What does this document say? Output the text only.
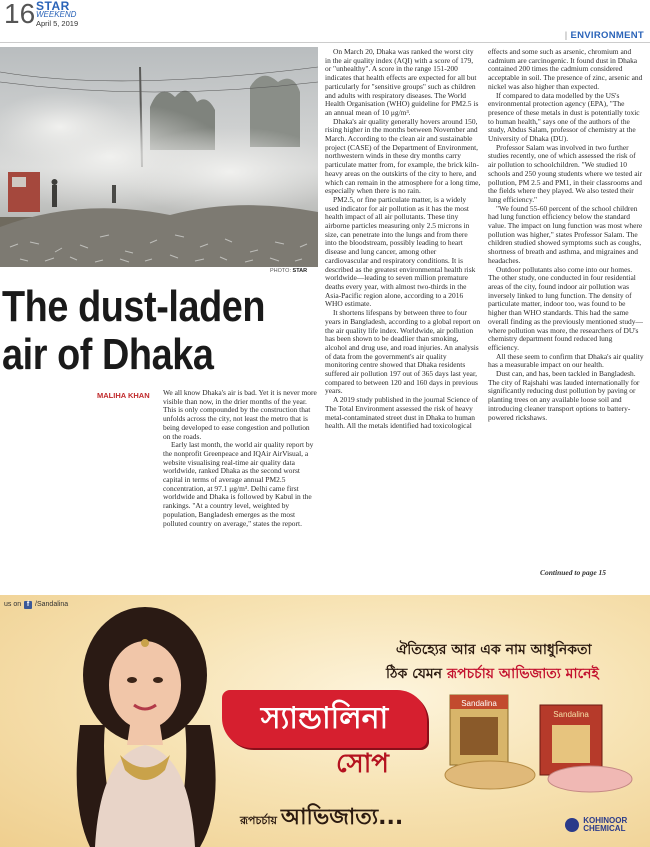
16 STAR
WEEKEND
April 5, 2019
| ENVIRONMENT
PHOTO: STAR
The dust-laden air of Dhaka
MALIHA KHAN We all know Dhaka's air is bad. Yet it is never more visible than now, in the drier months of the year. This is only compounded by the construction that unfolds across the city, not least the metro that is being developed to ease congestion and pollution on the roads.

Early last month, the world air quality report by the nonprofit Greenpeace and IQAir AirVisual, a website visualising real-time air quality data worldwide, ranked Dhaka as the second worst capital in terms of average annual PM2.5 concentration, at 97.1 μg/m³. Delhi came first worldwide and Dhaka is followed by Kabul in the rankings. "At a country level, weighted by population, Bangladesh emerges as the most polluted country on average," states the report.

On March 20, Dhaka was ranked the worst city in the air quality index (AQI) with a score of 179, or "unhealthy". A score in the range 151-200 indicates that health effects are expected for all but particularly for "sensitive groups" such as children and adults with respiratory diseases. The World Health Organisation (WHO) guideline for PM2.5 is an annual mean of 10 μg/m³.

Dhaka's air quality generally hovers around 150, rising higher in the months between November and March. According to the clean air and sustainable project (CASE) of the Department of Environment, northwestern winds in these dry months carry particulate matter from, for example, the brick kiln-heavy areas on the outskirts of the city to here, and which can remain in the atmosphere for a long time, especially when there is no rain.

PM2.5, or fine particulate matter, is a widely used indicator for air pollution as it has the most health impact of all air pollutants. These tiny airborne particles measuring only 2.5 microns in size, can penetrate into the lungs and from there into the bloodstream, possibly leading to heart disease and lung cancer, among other cardiovascular and respiratory conditions. It is described as the greatest environmental health risk worldwide—leading to seven million premature deaths every year, with almost two-thirds in the Asia-Pacific region alone, according to a 2016 WHO estimate.

It shortens lifespans by between three to four years in Bangladesh, according to a global report on the air quality life index. Worldwide, air pollution has been shown to be deadlier than smoking, alcohol and drug use, and road injuries. An analysis of data from the government's air quality monitoring centre showed that Dhaka residents suffered air pollution 197 out of 365 days last year, compared to between 120 and 160 days in previous years.

A 2019 study published in the journal Science of The Total Environment assessed the risk of heavy metal-contaminated street dust in Dhaka to human health. All the metals identified had toxicological

effects and some such as arsenic, chromium and cadmium are carcinogenic. It found dust in Dhaka contained 200 times the cadmium considered acceptable in soil. The presence of zinc, arsenic and nickel was also higher than expected.

If compared to data modelled by the US's environmental protection agency (EPA), "The presence of these metals in dust is potentially toxic to human health," says one of the authors of the study, Abdus Salam, professor of chemistry at the University of Dhaka (DU).

Professor Salam was involved in two further studies recently, one of which assessed the risk of air pollution to schoolchildren. "We studied 10 schools and 250 young students where we tested air pollution, PM 2.5 and PM1, in their classrooms and the fields where they played. We also tested their lung efficiency."

"We found 55-60 percent of the school children had lung function efficiency below the standard value. The impact on lung function was most where pollution was higher," states Professor Salam. The children studied showed symptoms such as coughs, shortness of breath and asthma, and migraines and headaches.

Outdoor pollutants also come into our homes. The other study, one conducted in four residential areas of the city, found indoor air pollution was inversely linked to lung function. The density of particulate matter, indoor too, was found to be higher than WHO standards. This had the same overall finding as the previously mentioned study—where pollution was more, the researchers of DU's chemistry department found reduced lung efficiency.

All these seem to confirm that Dhaka's air quality has a measurable impact on our health.

Dust can, and has, been tackled in Bangladesh. The city of Rajshahi was lauded internationally for significantly reducing dust pollution by paving or planting trees on any available loose soil and introducing cleaner transport options to battery-powered rickshaws.

Continued to page 15
us on f /Sandalina
ঐতিহ্যের আর এক নাম আধুনিকতা
ঠিক যেমন রূপচর্চায় আভিজাত্য মানেই
স্যান্ডালিনা
সোপ
Sandalina
Sandalina
রূপচর্চায় আভিজাত্য...	KOHINOOR
CHEMICAL
